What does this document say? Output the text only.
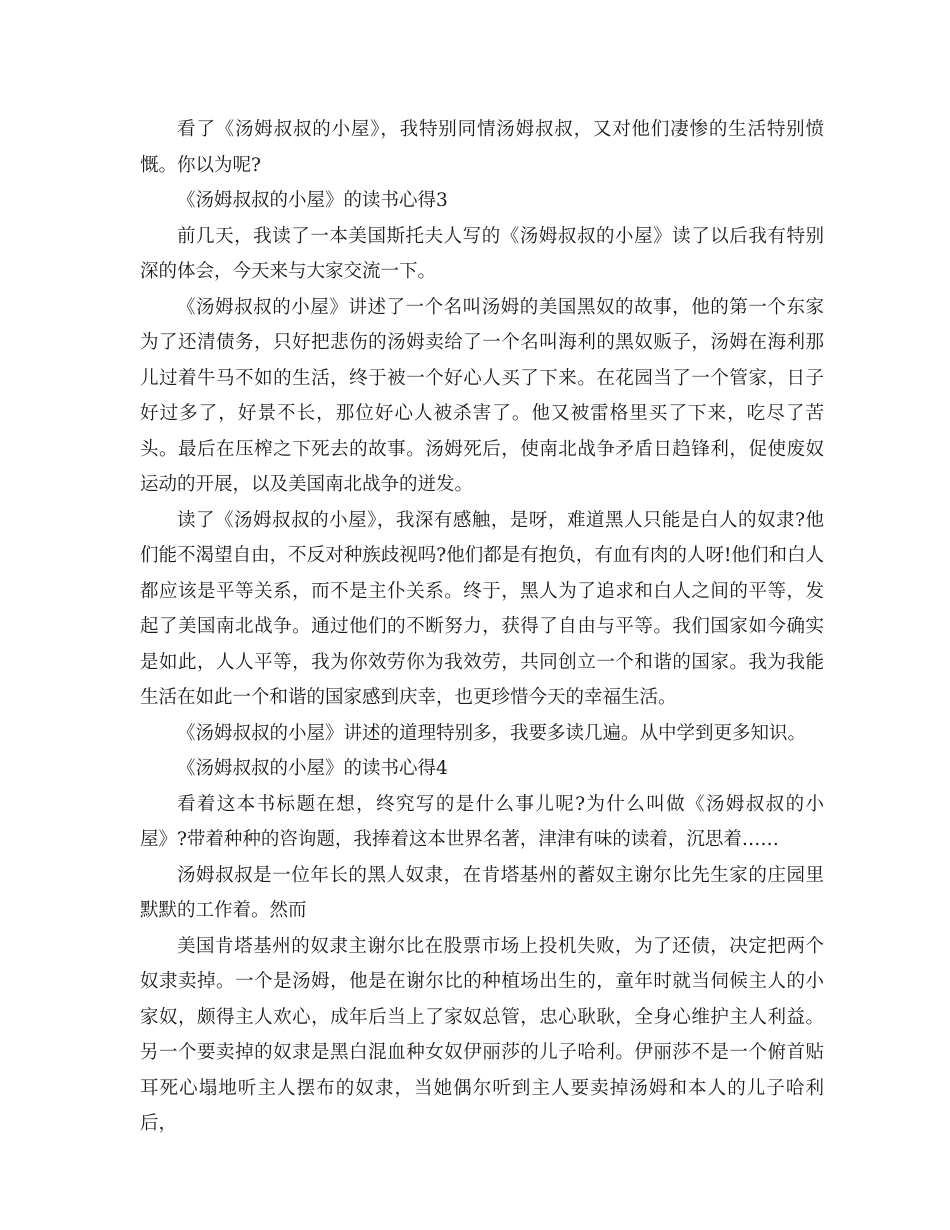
看了《汤姆叔叔的小屋》，我特别同情汤姆叔叔，又对他们凄惨的生活特别愤慨。你以为呢?

《汤姆叔叔的小屋》的读书心得3

前几天，我读了一本美国斯托夫人写的《汤姆叔叔的小屋》读了以后我有特别深的体会，今天来与大家交流一下。

《汤姆叔叔的小屋》讲述了一个名叫汤姆的美国黑奴的故事，他的第一个东家为了还清债务，只好把悲伤的汤姆卖给了一个名叫海利的黑奴贩子，汤姆在海利那儿过着牛马不如的生活，终于被一个好心人买了下来。在花园当了一个管家，日子好过多了，好景不长，那位好心人被杀害了。他又被雷格里买了下来，吃尽了苦头。最后在压榨之下死去的故事。汤姆死后，使南北战争矛盾日趋锋利，促使废奴运动的开展，以及美国南北战争的迸发。

读了《汤姆叔叔的小屋》，我深有感触，是呀，难道黑人只能是白人的奴隶?他们能不渴望自由，不反对种族歧视吗?他们都是有抱负，有血有肉的人呀!他们和白人都应该是平等关系，而不是主仆关系。终于，黑人为了追求和白人之间的平等，发起了美国南北战争。通过他们的不断努力，获得了自由与平等。我们国家如今确实是如此，人人平等，我为你效劳你为我效劳，共同创立一个和谐的国家。我为我能生活在如此一个和谐的国家感到庆幸，也更珍惜今天的幸福生活。

《汤姆叔叔的小屋》讲述的道理特别多，我要多读几遍。从中学到更多知识。

《汤姆叔叔的小屋》的读书心得4

看着这本书标题在想，终究写的是什么事儿呢?为什么叫做《汤姆叔叔的小屋》?带着种种的咨询题，我捧着这本世界名著，津津有味的读着，沉思着……

汤姆叔叔是一位年长的黑人奴隶，在肯塔基州的蓄奴主谢尔比先生家的庄园里默默的工作着。然而

美国肯塔基州的奴隶主谢尔比在股票市场上投机失败，为了还债，决定把两个奴隶卖掉。一个是汤姆，他是在谢尔比的种植场出生的，童年时就当伺候主人的小家奴，颇得主人欢心，成年后当上了家奴总管，忠心耿耿，全身心维护主人利益。另一个要卖掉的奴隶是黑白混血种女奴伊丽莎的儿子哈利。伊丽莎不是一个俯首贴耳死心塌地听主人摆布的奴隶，当她偶尔听到主人要卖掉汤姆和本人的儿子哈利后，
